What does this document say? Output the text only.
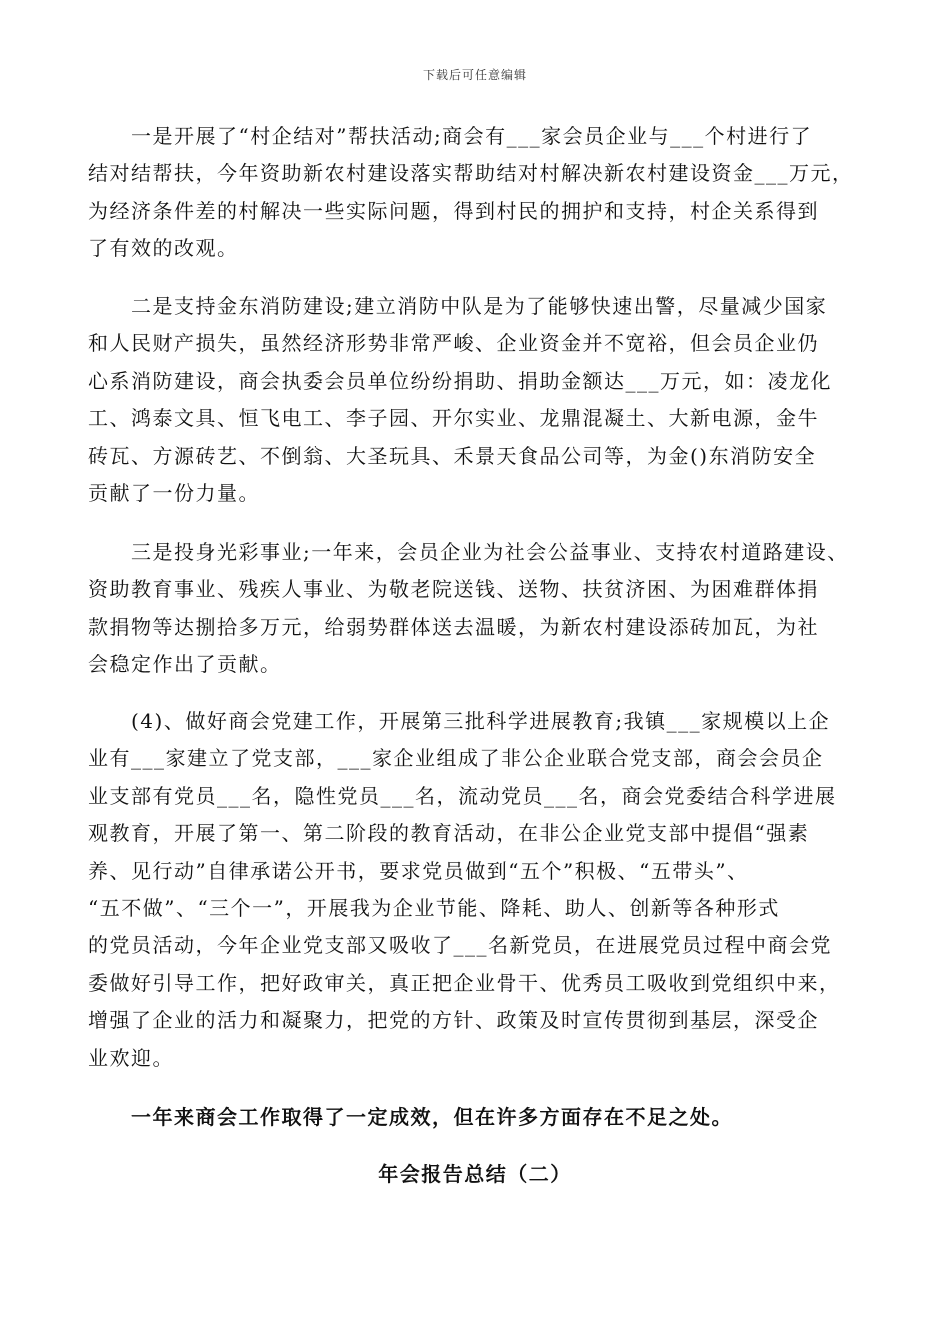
下载后可任意编辑
　　一是开展了“村企结对”帮扶活动;商会有___家会员企业与___个村进行了
结对结帮扶，今年资助新农村建设落实帮助结对村解决新农村建设资金___万元，
为经济条件差的村解决一些实际问题，得到村民的拥护和支持，村企关系得到
了有效的改观。
　　二是支持金东消防建设;建立消防中队是为了能够快速出警，尽量减少国家
和人民财产损失，虽然经济形势非常严峻、企业资金并不宽裕，但会员企业仍
心系消防建设，商会执委会员单位纷纷捐助、捐助金额达___万元，如：凌龙化
工、鸿泰文具、恒飞电工、李子园、开尔实业、龙鼎混凝土、大新电源，金牛
砖瓦、方源砖艺、不倒翁、大圣玩具、禾景天食品公司等，为金()东消防安全
贡献了一份力量。
　　三是投身光彩事业;一年来，会员企业为社会公益事业、支持农村道路建设、
资助教育事业、残疾人事业、为敬老院送钱、送物、扶贫济困、为困难群体捐
款捐物等达捌拾多万元，给弱势群体送去温暖，为新农村建设添砖加瓦，为社
会稳定作出了贡献。
　　(4)、做好商会党建工作，开展第三批科学进展教育;我镇___家规模以上企
业有___家建立了党支部，___家企业组成了非公企业联合党支部，商会会员企
业支部有党员___名，隐性党员___名，流动党员___名，商会党委结合科学进展
观教育，开展了第一、第二阶段的教育活动，在非公企业党支部中提倡“强素
养、见行动”自律承诺公开书，要求党员做到“五个”积极、“五带头”、
“五不做”、“三个一”，开展我为企业节能、降耗、助人、创新等各种形式
的党员活动，今年企业党支部又吸收了___名新党员，在进展党员过程中商会党
委做好引导工作，把好政审关，真正把企业骨干、优秀员工吸收到党组织中来，
增强了企业的活力和凝聚力，把党的方针、政策及时宣传贯彻到基层，深受企
业欢迎。
　　一年来商会工作取得了一定成效，但在许多方面存在不足之处。
年会报告总结（二）
